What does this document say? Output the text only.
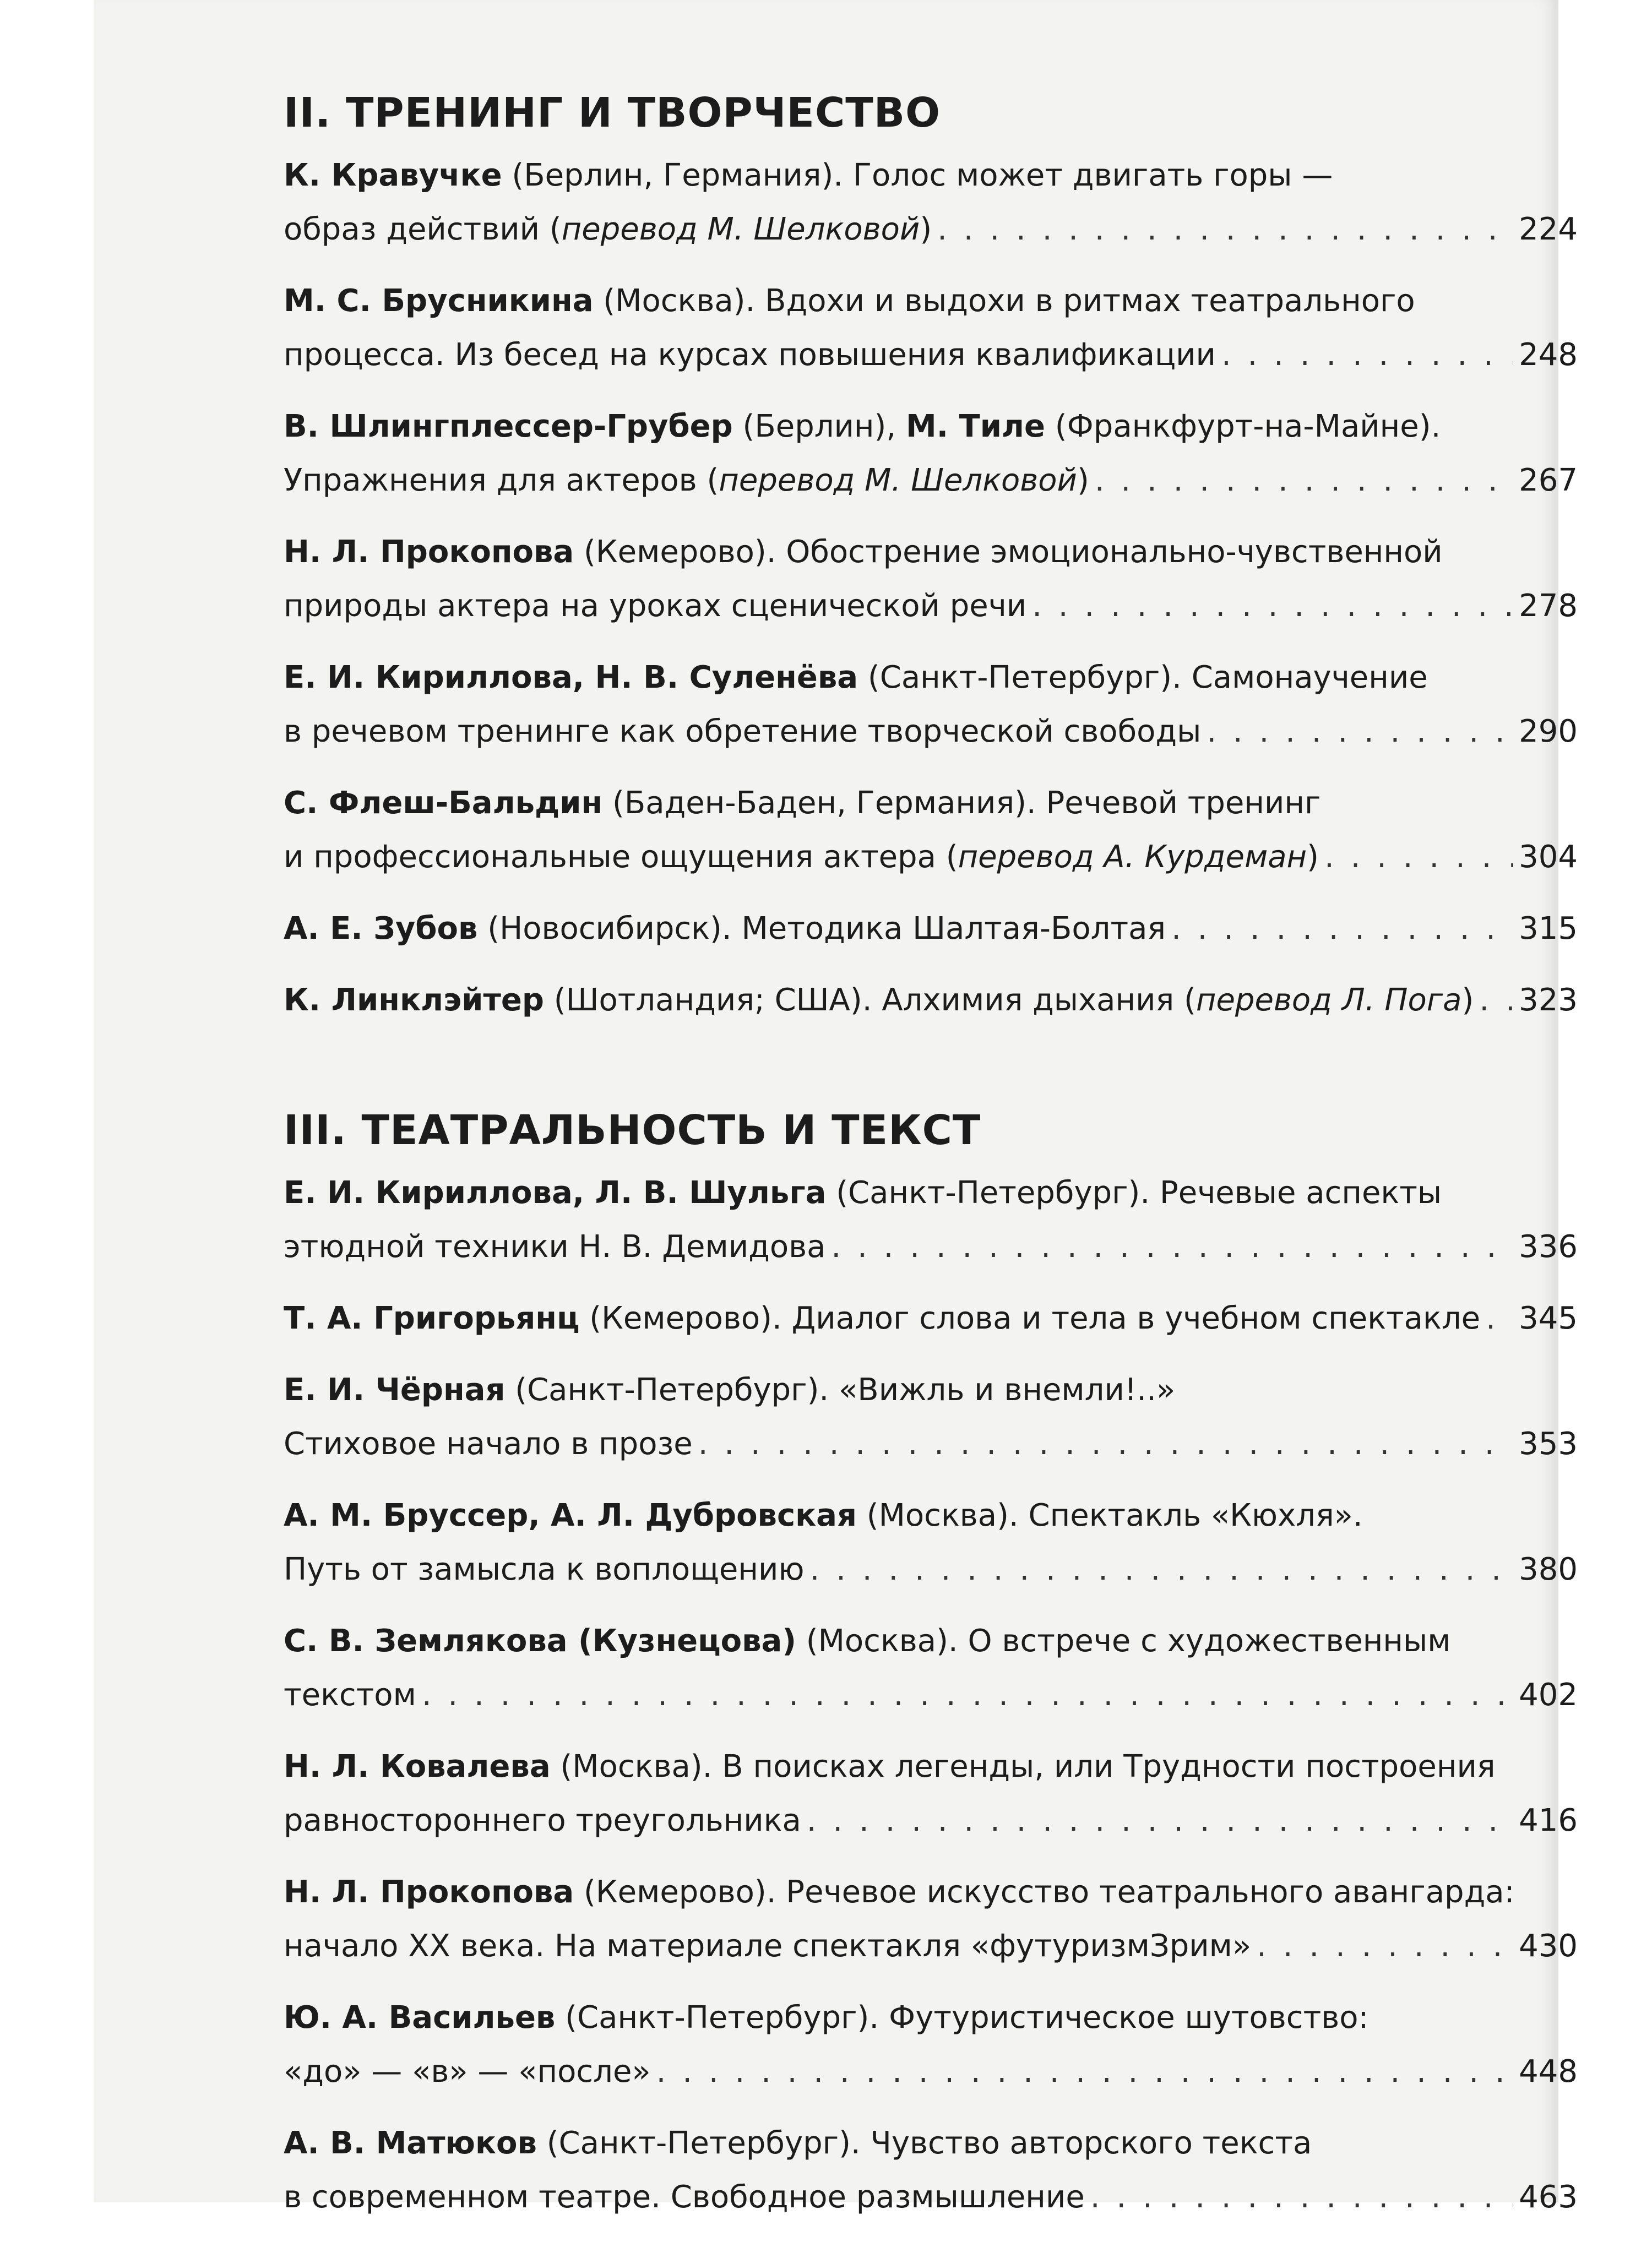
II. ТРЕНИНГ И ТВОРЧЕСТВО
К. Кравучке (Берлин, Германия). Голос может двигать горы —
образ действий (перевод М. Шелковой) . . .	224
М. С. Брусникина (Москва). Вдохи и выдохи в ритмах театрального
процесса. Из бесед на курсах повышения квалификации . . .	248
В. Шлингплессер-Грубер (Берлин), М. Тиле (Франкфурт-на-Майне).
Упражнения для актеров (перевод М. Шелковой) . . .	267
Н. Л. Прокопова (Кемерово). Обострение эмоционально-чувственной
природы актера на уроках сценической речи . . .	278
Е. И. Кириллова, Н. В. Суленёва (Санкт-Петербург). Самонаучение
в речевом тренинге как обретение творческой свободы . . .	290
С. Флеш-Бальдин (Баден-Баден, Германия). Речевой тренинг
и профессиональные ощущения актера (перевод А. Курдеман) . . .	304
А. Е. Зубов (Новосибирск). Методика Шалтая-Болтая . . .	315
К. Линклэйтер (Шотландия; США). Алхимия дыхания (перевод Л. Пога) . . . 323
III. ТЕАТРАЛЬНОСТЬ И ТЕКСТ
Е. И. Кириллова, Л. В. Шульга (Санкт-Петербург). Речевые аспекты
этюдной техники Н. В. Демидова . . .	336
Т. А. Григорьянц (Кемерово). Диалог слова и тела в учебном спектакле . . . 345
Е. И. Чёрная (Санкт-Петербург). «Вижль и внемли!..»
Стиховое начало в прозе . . .	353
А. М. Бруссер, А. Л. Дубровская (Москва). Спектакль «Кюхля».
Путь от замысла к воплощению . . .	380
С. В. Землякова (Кузнецова) (Москва). О встрече с художественным
текстом . . .	402
Н. Л. Ковалева (Москва). В поисках легенды, или Трудности построения
равностороннего треугольника . . .	416
Н. Л. Прокопова (Кемерово). Речевое искусство театрального авангарда:
начало XX века. На материале спектакля «футуризмЗрим» . . .	430
Ю. А. Васильев (Санкт-Петербург). Футуристическое шутовство:
«до» — «в» — «после» . . .	448
А. В. Матюков (Санкт-Петербург). Чувство авторского текста
в современном театре. Свободное размышление . . .	463
